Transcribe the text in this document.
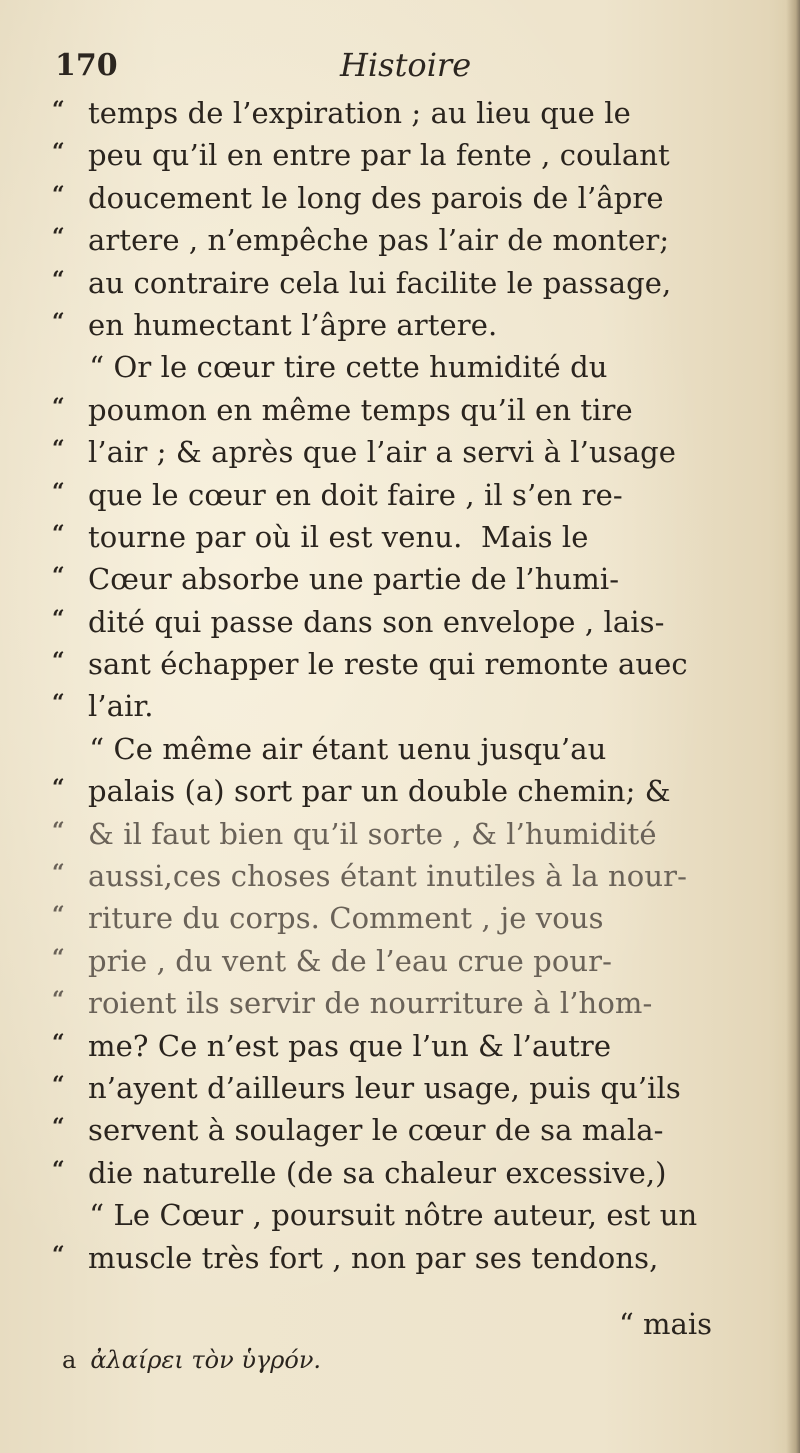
170	Histoire
“ temps de l’expiration ; au lieu que le
“ peu qu’il en entre par la fente , coulant
“ doucement le long des parois de l’âpre
“ artere , n’empêche pas l’air de monter;
“ au contraire cela lui facilite le passage,
“ en humectant l’âpre artere.
“ Or le cœur tire cette humidité du
“ poumon en même temps qu’il en tire
“ l’air ; & après que l’air a servi à l’usage
“ que le cœur en doit faire , il s’en re-
“ tourne par où il est venu.  Mais le
“ Cœur absorbe une partie de l’humi-
“ dité qui passe dans son envelope , lais-
“ sant échapper le reste qui remonte auec
“ l’air.
“ Ce même air étant uenu jusqu’au
“ palais (a) sort par un double chemin; &
“ & il faut bien qu’il sorte , & l’humidité
“ aussi,ces choses étant inutiles à la nour-
“ riture du corps. Comment , je vous
“ prie , du vent & de l’eau crue pour-
“ roient ils servir de nourriture à l’hom-
“ me? Ce n’est pas que l’un & l’autre
“ n’ayent d’ailleurs leur usage, puis qu’ils
“ servent à soulager le cœur de sa mala-
“ die naturelle (de sa chaleur excessive,)
“ Le Cœur , poursuit nôtre auteur, est un
“ muscle très fort , non par ses tendons,
“ mais
a ἀλαίρει τὸν ὑγρόν.
